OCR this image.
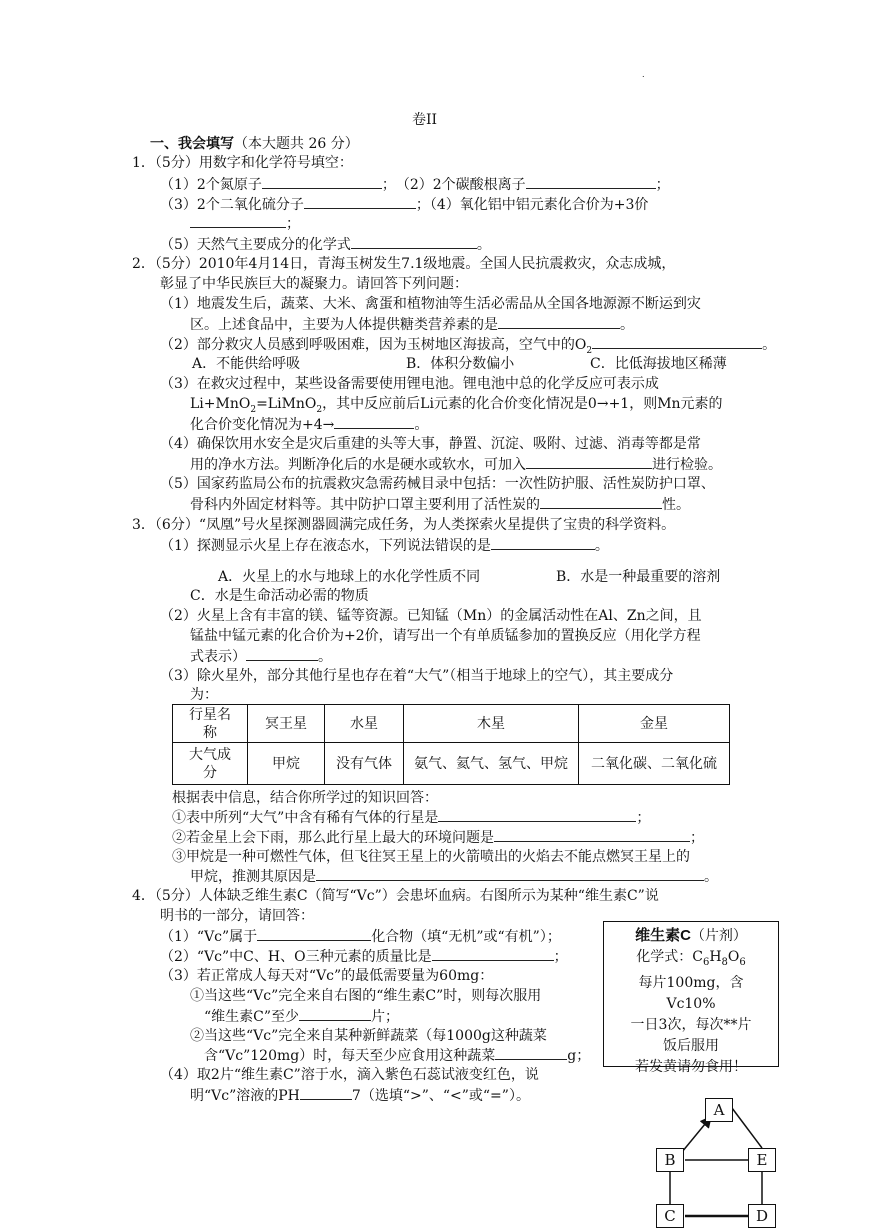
.
卷II
一、我会填写（本大题共 26 分）
1．（5分）用数字和化学符号填空：
（1）2个氮原子	；　（2）2个碳酸根离子	；
（3）2个二氧化硫分子	；（4）氧化铝中铝元素化合价为+3价
；
（5）天然气主要成分的化学式	。
2．（5分）2010年4月14日，青海玉树发生7.1级地震。全国人民抗震救灾，众志成城，
彰显了中华民族巨大的凝聚力。请回答下列问题：
（1）地震发生后，蔬菜、大米、禽蛋和植物油等生活必需品从全国各地源源不断运到灾
区。上述食品中，主要为人体提供糖类营养素的是	。
（2）部分救灾人员感到呼吸困难，因为玉树地区海拔高，空气中的$O_2$	。
A．不能供给呼吸	B．体积分数偏小	C．比低海拔地区稀薄
（3）在救灾过程中，某些设备需要使用锂电池。锂电池中总的化学反应可表示成
Li+MnO$_2$=LiMnO$_2$，其中反应前后Li元素的化合价变化情况是0→+1，则Mn元素的
化合价变化情况为+4→	。
（4）确保饮用水安全是灾后重建的头等大事，静置、沉淀、吸附、过滤、消毒等都是常
用的净水方法。判断净化后的水是硬水或软水，可加入	进行检验。
（5）国家药监局公布的抗震救灾急需药械目录中包括：一次性防护服、活性炭防护口罩、
骨科内外固定材料等。其中防护口罩主要利用了活性炭的	性。
3．（6分）“凤凰”号火星探测器圆满完成任务，为人类探索火星提供了宝贵的科学资料。
（1）探测显示火星上存在液态水，下列说法错误的是	。
A．火星上的水与地球上的水化学性质不同	B．水是一种最重要的溶剂
C．水是生命活动必需的物质
（2）火星上含有丰富的镁、锰等资源。已知锰（Mn）的金属活动性在Al、Zn之间，且
锰盐中锰元素的化合价为+2价，请写出一个有单质锰参加的置换反应（用化学方程
式表示）	。
（3）除火星外，部分其他行星也存在着“大气”（相当于地球上的空气），其主要成分
为：
行星名
称	冥王星	水星	木星	金星
大气成
分	甲烷	没有气体	氨气、氦气、氢气、甲烷	二氧化碳、二氧化硫
根据表中信息，结合你所学过的知识回答：
①表中所列“大气”中含有稀有气体的行星是	；
②若金星上会下雨，那么此行星上最大的环境问题是	；
③甲烷是一种可燃性气体，但飞往冥王星上的火箭喷出的火焰去不能点燃冥王星上的
甲烷，推测其原因是	。
4．（5分）人体缺乏维生素C（简写“Vc”）会患坏血病。右图所示为某种“维生素C”说
明书的一部分，请回答：
（1）“Vc”属于	化合物（填“无机”或“有机”）；
（2）“Vc”中C、H、O三种元素的质量比是	；
（3）若正常成人每天对“Vc”的最低需要量为60mg：
①当这些“Vc”完全来自右图的“维生素C”时，则每次服用
“维生素C”至少	片；
②当这些“Vc”完全来自某种新鲜蔬菜（每1000g这种蔬菜
含“Vc”120mg）时，每天至少应食用这种蔬菜	g；
（4）取2片“维生素C”溶于水，滴入紫色石蕊试液变红色，说
明“Vc”溶液的PH	7（选填“>”、“<”或“=”）。
维生素C（片剂）
化学式：$C_6H_8O_6$
每片100mg，含
Vc10%
一日3次，每次**片
饭后服用
若发黄请勿食用！
A
B	E
C	D
